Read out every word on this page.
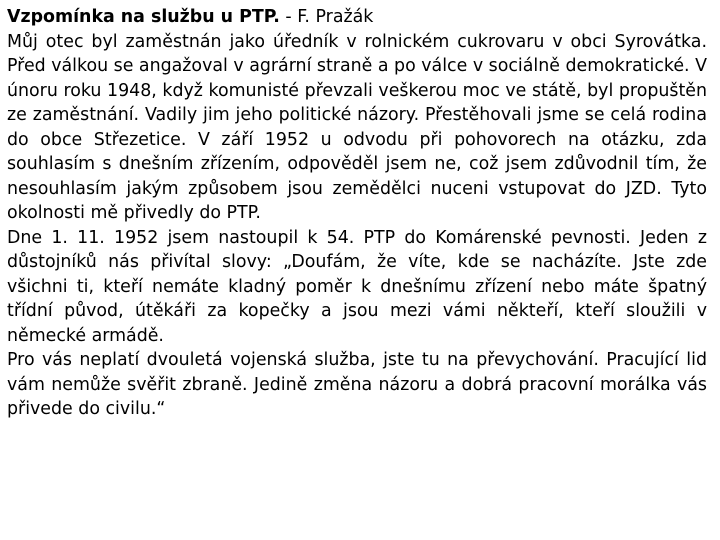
Vzpomínka na službu u PTP. - F. Pražák

Můj otec byl zaměstnán jako úředník v rolnickém cukrovaru v obci Syrovátka. Před válkou se angažoval v agrární straně a po válce v sociálně demokratické. V únoru roku 1948, když komunisté převzali veškerou moc ve státě, byl propuštěn ze zaměstnání. Vadily jim jeho politické názory. Přestěhovali jsme se celá rodina do obce Střezetice. V září 1952 u odvodu při pohovorech na otázku, zda souhlasím s dnešním zřízením, odpověděl jsem ne, což jsem zdůvodnil tím, že nesouhlasím jakým způsobem jsou zemědělci nuceni vstupovat do JZD. Tyto okolnosti mě přivedly do PTP.

Dne 1. 11. 1952 jsem nastoupil k 54. PTP do Komárenské pevnosti. Jeden z důstojníků nás přivítal slovy: „Doufám, že víte, kde se nacházíte. Jste zde všichni ti, kteří nemáte kladný poměr k dnešnímu zřízení nebo máte špatný třídní původ, útěkáři za kopečky a jsou mezi vámi někteří, kteří sloužili v německé armádě.

Pro vás neplatí dvouletá vojenská služba, jste tu na převychování. Pracující lid vám nemůže svěřit zbraně. Jedině změna názoru a dobrá pracovní morálka vás přivede do civilu.“
